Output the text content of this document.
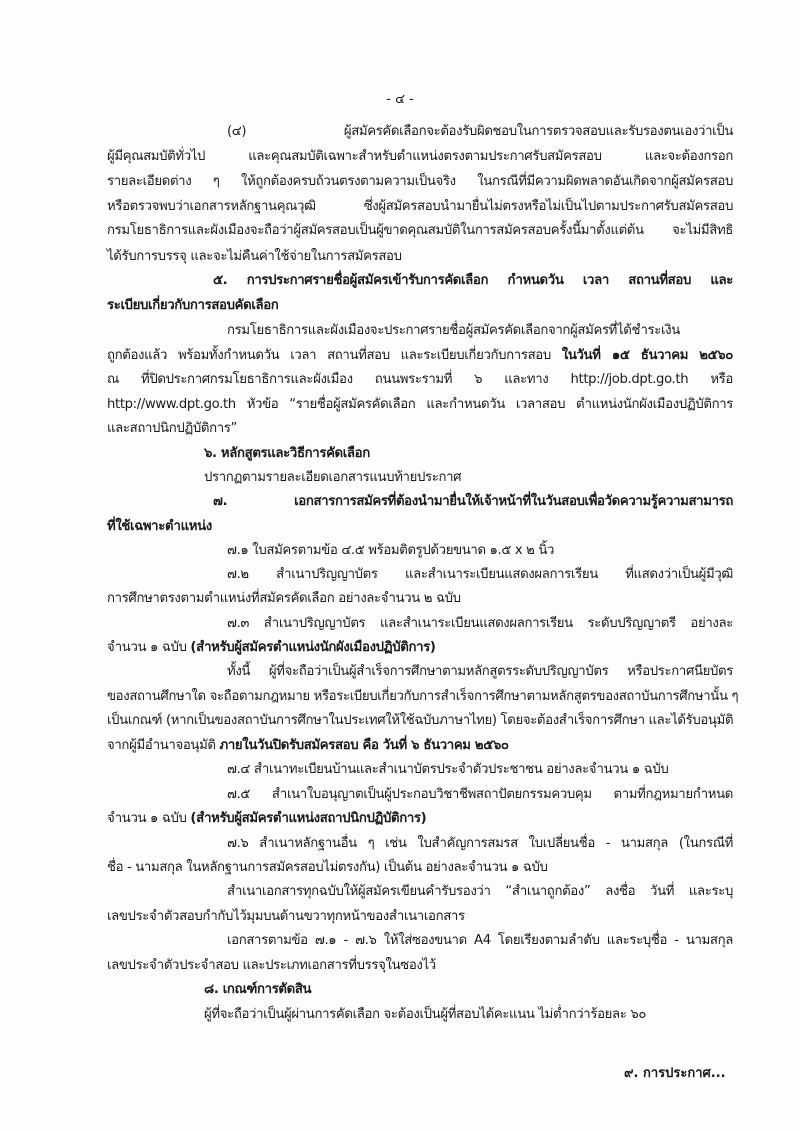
- ๔ -
(๔) ผู้สมัครคัดเลือกจะต้องรับผิดชอบในการตรวจสอบและรับรองตนเองว่าเป็น
ผู้มีคุณสมบัติทั่วไป และคุณสมบัติเฉพาะสำหรับตำแหน่งตรงตามประกาศรับสมัครสอบ และจะต้องกรอก
รายละเอียดต่าง ๆ ให้ถูกต้องครบถ้วนตรงตามความเป็นจริง ในกรณีที่มีความผิดพลาดอันเกิดจากผู้สมัครสอบ
หรือตรวจพบว่าเอกสารหลักฐานคุณวุฒิ ซึ่งผู้สมัครสอบนำมายื่นไม่ตรงหรือไม่เป็นไปตามประกาศรับสมัครสอบ
กรมโยธาธิการและผังเมืองจะถือว่าผู้สมัครสอบเป็นผู้ขาดคุณสมบัติในการสมัครสอบครั้งนี้มาตั้งแต่ต้น จะไม่มีสิทธิ
ได้รับการบรรจุ และจะไม่คืนค่าใช้จ่ายในการสมัครสอบ
๕. การประกาศรายชื่อผู้สมัครเข้ารับการคัดเลือก กำหนดวัน เวลา สถานที่สอบ และ
ระเบียบเกี่ยวกับการสอบคัดเลือก
กรมโยธาธิการและผังเมืองจะประกาศรายชื่อผู้สมัครคัดเลือกจากผู้สมัครที่ได้ชำระเงิน
ถูกต้องแล้ว พร้อมทั้งกำหนดวัน เวลา สถานที่สอบ และระเบียบเกี่ยวกับการสอบ ในวันที่ ๑๕ ธันวาคม ๒๕๖๐
ณ ที่ปิดประกาศกรมโยธาธิการและผังเมือง ถนนพระรามที่ ๖ และทาง http://job.dpt.go.th หรือ
http://www.dpt.go.th หัวข้อ “รายชื่อผู้สมัครคัดเลือก และกำหนดวัน เวลาสอบ ตำแหน่งนักผังเมืองปฏิบัติการ
และสถาปนิกปฏิบัติการ”
๖. หลักสูตรและวิธีการคัดเลือก
ปรากฏตามรายละเอียดเอกสารแนบท้ายประกาศ
๗. เอกสารการสมัครที่ต้องนำมายื่นให้เจ้าหน้าที่ในวันสอบเพื่อวัดความรู้ความสามารถ
ที่ใช้เฉพาะตำแหน่ง
๗.๑ ใบสมัครตามข้อ ๔.๕ พร้อมติดรูปด้วยขนาด ๑.๕ x ๒ นิ้ว
๗.๒ สำเนาปริญญาบัตร และสำเนาระเบียนแสดงผลการเรียน ที่แสดงว่าเป็นผู้มีวุฒิ
การศึกษาตรงตามตำแหน่งที่สมัครคัดเลือก อย่างละจำนวน ๒ ฉบับ
๗.๓ สำเนาปริญญาบัตร และสำเนาระเบียนแสดงผลการเรียน ระดับปริญญาตรี อย่างละ
จำนวน ๑ ฉบับ (สำหรับผู้สมัครตำแหน่งนักผังเมืองปฏิบัติการ)
ทั้งนี้ ผู้ที่จะถือว่าเป็นผู้สำเร็จการศึกษาตามหลักสูตรระดับปริญญาบัตร หรือประกาศนียบัตร
ของสถานศึกษาใด จะถือตามกฎหมาย หรือระเบียบเกี่ยวกับการสำเร็จการศึกษาตามหลักสูตรของสถาบันการศึกษานั้น ๆ
เป็นเกณฑ์ (หากเป็นของสถาบันการศึกษาในประเทศให้ใช้ฉบับภาษาไทย) โดยจะต้องสำเร็จการศึกษา และได้รับอนุมัติ
จากผู้มีอำนาจอนุมัติ ภายในวันปิดรับสมัครสอบ คือ วันที่ ๖ ธันวาคม ๒๕๖๐
๗.๔ สำเนาทะเบียนบ้านและสำเนาบัตรประจำตัวประชาชน อย่างละจำนวน ๑ ฉบับ
๗.๕ สำเนาใบอนุญาตเป็นผู้ประกอบวิชาชีพสถาปัตยกรรมควบคุม ตามที่กฎหมายกำหนด
จำนวน ๑ ฉบับ (สำหรับผู้สมัครตำแหน่งสถาปนิกปฏิบัติการ)
๗.๖ สำเนาหลักฐานอื่น ๆ เช่น ใบสำคัญการสมรส ใบเปลี่ยนชื่อ - นามสกุล (ในกรณีที่
ชื่อ - นามสกุล ในหลักฐานการสมัครสอบไม่ตรงกัน) เป็นต้น อย่างละจำนวน ๑ ฉบับ
สำเนาเอกสารทุกฉบับให้ผู้สมัครเขียนคำรับรองว่า “สำเนาถูกต้อง” ลงชื่อ วันที่ และระบุ
เลขประจำตัวสอบกำกับไว้มุมบนด้านขวาทุกหน้าของสำเนาเอกสาร
เอกสารตามข้อ ๗.๑ - ๗.๖ ให้ใส่ซองขนาด A4 โดยเรียงตามลำดับ และระบุชื่อ - นามสกุล
เลขประจำตัวประจำสอบ และประเภทเอกสารที่บรรจุในซองไว้
๘. เกณฑ์การตัดสิน
ผู้ที่จะถือว่าเป็นผู้ผ่านการคัดเลือก จะต้องเป็นผู้ที่สอบได้คะแนน ไม่ต่ำกว่าร้อยละ ๖๐
๙. การประกาศ...
